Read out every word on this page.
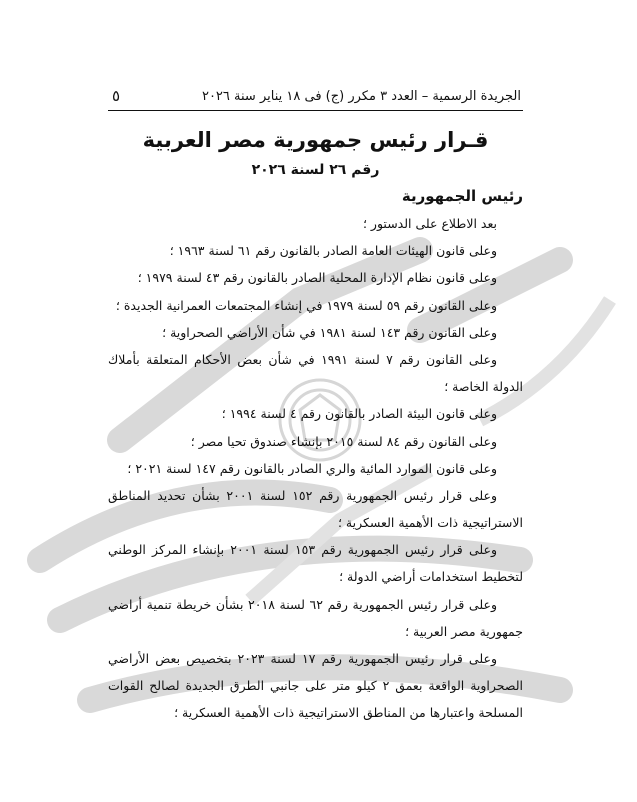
الجريدة الرسمية – العدد ٣ مكرر (ج) فى ١٨ يناير سنة ٢٠٢٦
٥
قـرار رئيس جمهورية مصر العربية
رقم ٢٦ لسنة ٢٠٢٦
رئيس الجمهورية
بعد الاطلاع على الدستور ؛
وعلى قانون الهيئات العامة الصادر بالقانون رقم ٦١ لسنة ١٩٦٣ ؛
وعلى قانون نظام الإدارة المحلية الصادر بالقانون رقم ٤٣ لسنة ١٩٧٩ ؛
وعلى القانون رقم ٥٩ لسنة ١٩٧٩ في إنشاء المجتمعات العمرانية الجديدة ؛
وعلى القانون رقم ١٤٣ لسنة ١٩٨١ في شأن الأراضي الصحراوية ؛
وعلى القانون رقم ٧ لسنة ١٩٩١ في شأن بعض الأحكام المتعلقة بأملاك
الدولة الخاصة ؛
وعلى قانون البيئة الصادر بالقانون رقم ٤ لسنة ١٩٩٤ ؛
وعلى القانون رقم ٨٤ لسنة ٢٠١٥ بإنشاء صندوق تحيا مصر ؛
وعلى قانون الموارد المائية والري الصادر بالقانون رقم ١٤٧ لسنة ٢٠٢١ ؛
وعلى قرار رئيس الجمهورية رقم ١٥٢ لسنة ٢٠٠١ بشأن تحديد المناطق
الاستراتيجية ذات الأهمية العسكرية ؛
وعلى قرار رئيس الجمهورية رقم ١٥٣ لسنة ٢٠٠١ بإنشاء المركز الوطني
لتخطيط استخدامات أراضي الدولة ؛
وعلى قرار رئيس الجمهورية رقم ٦٢ لسنة ٢٠١٨ بشأن خريطة تنمية أراضي
جمهورية مصر العربية ؛
وعلى قرار رئيس الجمهورية رقم ١٧ لسنة ٢٠٢٣ بتخصيص بعض الأراضي
الصحراوية الواقعة بعمق ٢ كيلو متر على جانبي الطرق الجديدة لصالح القوات
المسلحة واعتبارها من المناطق الاستراتيجية ذات الأهمية العسكرية ؛
